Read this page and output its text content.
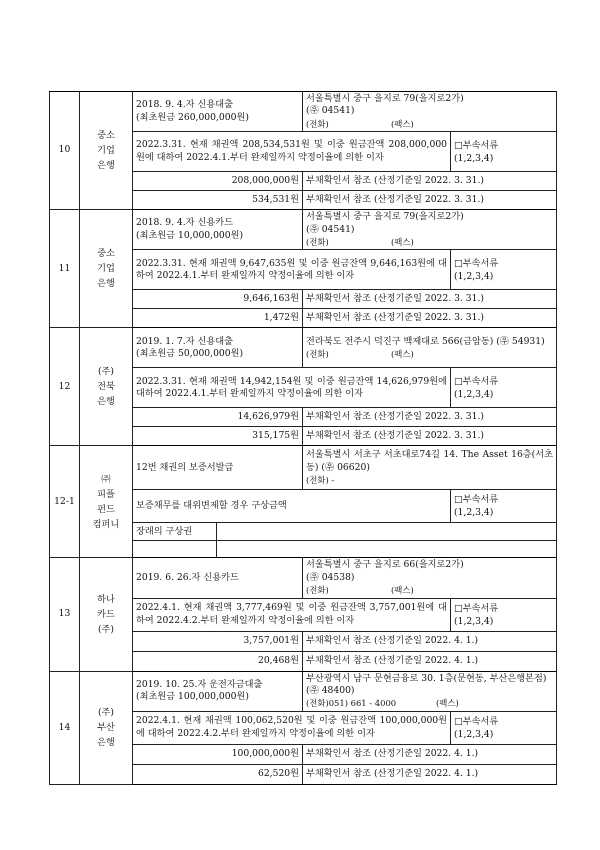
10	중소
기업
은행	2018. 9. 4.자 신용대출
(최초원금 260,000,000원)		서울특별시 중구 을지로 79(을지로2가)
(㉾ 04541)
(전화) (팩스)	

		2022.3.31. 현재 채권액 208,534,531원 및 이중 원금잔액 208,000,000원에 대하여 2022.4.1.부터 완제일까지 약정이율에 의한 이자			□부속서류
(1,2,3,4)

		208,000,000원		부채확인서 참조 (산정기준일 2022. 3. 31.)	
		534,531원		부채확인서 참조 (산정기준일 2022. 3. 31.)	
11	중소
기업
은행	2018. 9. 4.자 신용카드
(최초원금 10,000,000원)		서울특별시 중구 을지로 79(을지로2가)
(㉾ 04541)
(전화) (팩스)	

		2022.3.31. 현재 채권액 9,647,635원 및 이중 원금잔액 9,646,163원에 대하여 2022.4.1.부터 완제일까지 약정이율에 의한 이자			□부속서류
(1,2,3,4)

		9,646,163원		부채확인서 참조 (산정기준일 2022. 3. 31.)	
		1,472원		부채확인서 참조 (산정기준일 2022. 3. 31.)	
12	(주)
전북
은행	2019. 1. 7.자 신용대출
(최초원금 50,000,000원)		전라북도 전주시 덕진구 백제대로 566(금암동) (㉾ 54931)
(전화) (팩스)	

		2022.3.31. 현재 채권액 14,942,154원 및 이중 원금잔액 14,626,979원에 대하여 2022.4.1.부터 완제일까지 약정이율에 의한 이자			□부속서류
(1,2,3,4)

		14,626,979원		부채확인서 참조 (산정기준일 2022. 3. 31.)	
		315,175원		부채확인서 참조 (산정기준일 2022. 3. 31.)	
12-1	㈜
피플
펀드
컴퍼니	12번 채권의 보증서발급		서울특별시 서초구 서초대로74길 14. The Asset 16층(서초동) (㉾ 06620)
(전화) -	

		보증채무를 대위변제할 경우 구상금액			□부속서류
(1,2,3,4)

		장래의 구상권			

13	하나
카드
(주)	2019. 6. 26.자 신용카드		서울특별시 중구 을지로 66(을지로2가)
(㉾ 04538)
(전화) (팩스)	

		2022.4.1. 현재 채권액 3,777,469원 및 이중 원금잔액 3,757,001원에 대하여 2022.4.2.부터 완제일까지 약정이율에 의한 이자			□부속서류
(1,2,3,4)

		3,757,001원		부채확인서 참조 (산정기준일 2022. 4. 1.)	
		20,468원		부채확인서 참조 (산정기준일 2022. 4. 1.)	
14	(주)
부산
은행	2019. 10. 25.자 운전자금대출
(최초원금 100,000,000원)		부산광역시 남구 문현금융로 30. 1층(문현동, 부산은행본점) (㉾ 48400)
(전화)051) 661 - 4000 (팩스)	

		2022.4.1. 현재 채권액 100,062,520원 및 이중 원금잔액 100,000,000원에 대하여 2022.4.2.부터 완제일까지 약정이율에 의한 이자			□부속서류
(1,2,3,4)

		100,000,000원		부채확인서 참조 (산정기준일 2022. 4. 1.)	
		62,520원		부채확인서 참조 (산정기준일 2022. 4. 1.)	
